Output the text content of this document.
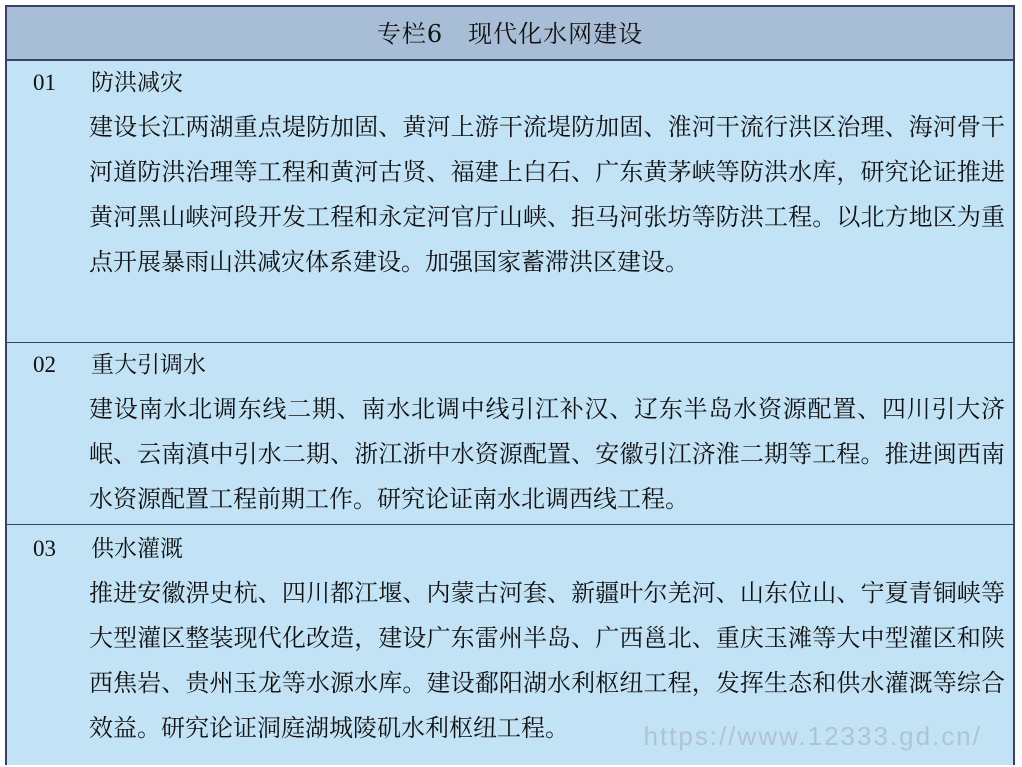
专栏6　现代化水网建设
01 防洪减灾
建设长江两湖重点堤防加固、黄河上游干流堤防加固、淮河干流行洪区治理、海河骨干河道防洪治理等工程和黄河古贤、福建上白石、广东黄茅峡等防洪水库，研究论证推进黄河黑山峡河段开发工程和永定河官厅山峡、拒马河张坊等防洪工程。以北方地区为重点开展暴雨山洪减灾体系建设。加强国家蓄滞洪区建设。
02 重大引调水
建设南水北调东线二期、南水北调中线引江补汉、辽东半岛水资源配置、四川引大济岷、云南滇中引水二期、浙江浙中水资源配置、安徽引江济淮二期等工程。推进闽西南水资源配置工程前期工作。研究论证南水北调西线工程。
03 供水灌溉
推进安徽淠史杭、四川都江堰、内蒙古河套、新疆叶尔羌河、山东位山、宁夏青铜峡等大型灌区整装现代化改造，建设广东雷州半岛、广西邕北、重庆玉滩等大中型灌区和陕西焦岩、贵州玉龙等水源水库。建设鄱阳湖水利枢纽工程，发挥生态和供水灌溉等综合效益。研究论证洞庭湖城陵矶水利枢纽工程。
https://www.12333.gd.cn/
